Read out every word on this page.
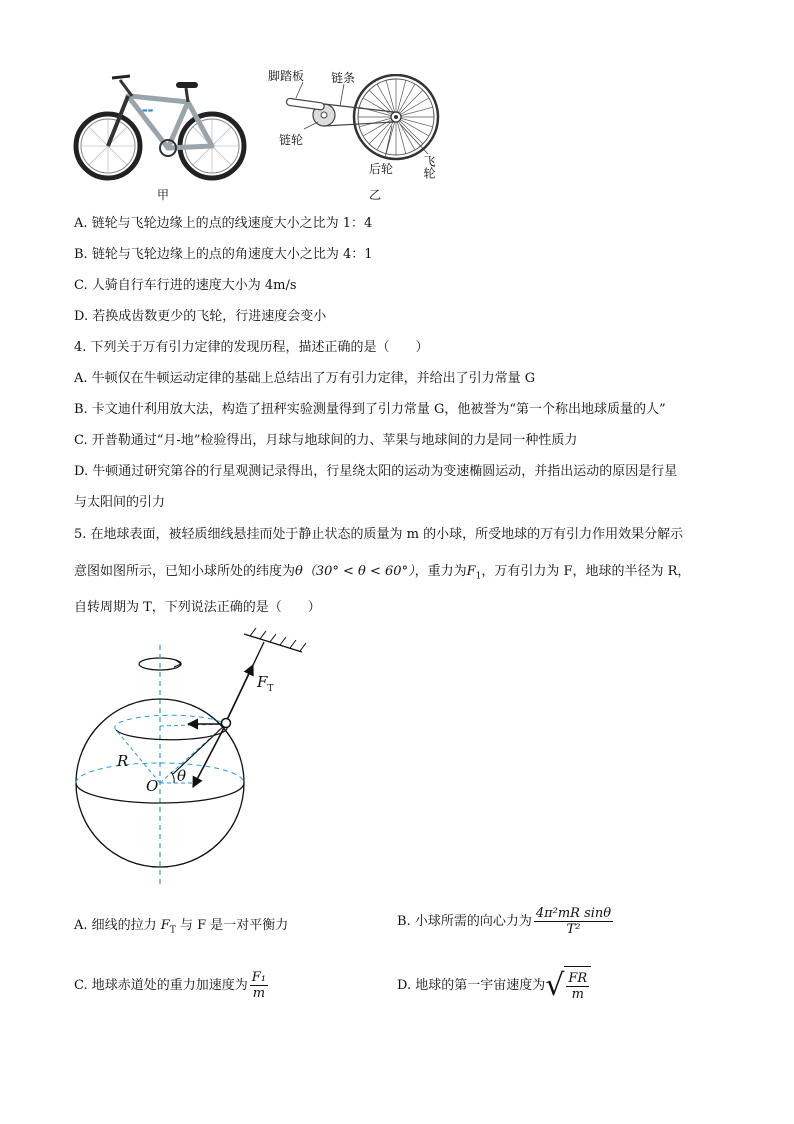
▬▬
脚踏板 链条
链轮
后轮 飞轮
甲	乙
A. 链轮与飞轮边缘上的点的线速度大小之比为 1：4
B. 链轮与飞轮边缘上的点的角速度大小之比为 4：1
C. 人骑自行车行进的速度大小为 4m/s
D. 若换成齿数更少的飞轮，行进速度会变小
4. 下列关于万有引力定律的发现历程，描述正确的是（　　）
A. 牛顿仅在牛顿运动定律的基础上总结出了万有引力定律，并给出了引力常量 G
B. 卡文迪什利用放大法，构造了扭秤实验测量得到了引力常量 G，他被誉为“第一个称出地球质量的人”
C. 开普勒通过“月-地”检验得出，月球与地球间的力、苹果与地球间的力是同一种性质力
D. 牛顿通过研究第谷的行星观测记录得出，行星绕太阳的运动为变速椭圆运动，并指出运动的原因是行星
与太阳间的引力
5. 在地球表面，被轻质细线悬挂而处于静止状态的质量为 m 的小球，所受地球的万有引力作用效果分解示
意图如图所示，已知小球所处的纬度为θ（30° < θ < 60°），重力为$F_1$，万有引力为 F，地球的半径为 R，
自转周期为 T，下列说法正确的是（　　）
$F_T$
R
O
θ
A. 细线的拉力 $F_T$ 与 F 是一对平衡力	B. 小球所需的向心力为 $\frac{\text{4π²mR sinθ}}{\text{T²}}$
C. 地球赤道处的重力加速度为 $\frac{\text{F₁}}{m}$	D. 地球的第一宇宙速度为 √ $\frac{FR}{m}$
